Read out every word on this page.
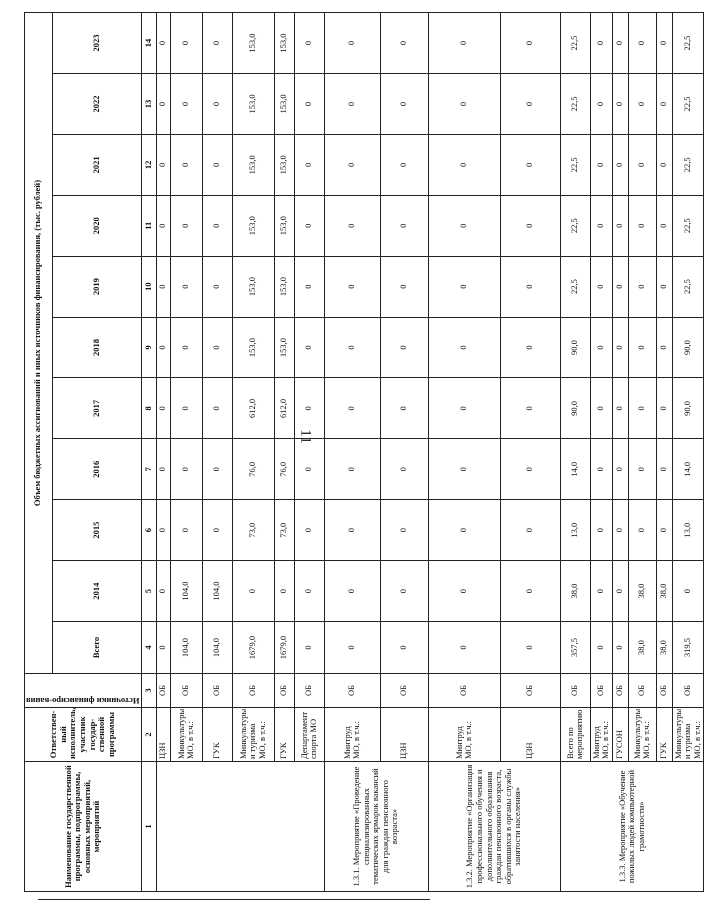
11
Наименование государственной программы, подпрограммы, основных мероприятий, мероприятий	Ответствен-ный исполнитель, участник государ-ственной программы	Источники финансиро-вания	Объем бюджетных ассигнований и иных источников финансирования, (тыс. рублей)										
			Всего	2014	2015	2016	2017	2018	2019	2020	2021	2022	2023
1	2	3	4	5	6	7	8	9	10	11	12	13	14
	ЦЗН	ОБ	0	0	0	0	0	0	0	0	0	0	0
	Минкультуры МО, в т.ч.:	ОБ	104,0	104,0	0	0	0	0	0	0	0	0	0
	ГУК	ОБ	104,0	104,0	0	0	0	0	0	0	0	0	0
	Минкультуры и туризма МО, в т.ч.:	ОБ	1679,0	0	73,0	76,0	612,0	153,0	153,0	153,0	153,0	153,0	153,0
	ГУК	ОБ	1679,0	0	73,0	76,0	612,0	153,0	153,0	153,0	153,0	153,0	153,0
	Департамент спорта МО	ОБ	0	0	0	0	0	0	0	0	0	0	0
1.3.1. Мероприятие «Проведение специализированных тематических ярмарок вакансий для граждан пенсионного возраста»	Минтруд МО, в т.ч.:	ОБ	0	0	0	0	0	0	0	0	0	0	0
	ЦЗН	ОБ	0	0	0	0	0	0	0	0	0	0	0
1.3.2. Мероприятие «Организация профессионального обучения и дополнительного образования граждан пенсионного возраста, обратившихся в органы службы занятости населения»	Минтруд МО, в т.ч.:	ОБ	0	0	0	0	0	0	0	0	0	0	0
	ЦЗН	ОБ	0	0	0	0	0	0	0	0	0	0	0
1.3.3. Мероприятие «Обучение пожилых людей компьютерной грамотности»	Всего по мероприятию	ОБ	357,5	38,0	13,0	14,0	90,0	90,0	22,5	22,5	22,5	22,5	22,5
	Минтруд МО, в т.ч.:	ОБ	0	0	0	0	0	0	0	0	0	0	0
	ГУСОН	ОБ	0	0	0	0	0	0	0	0	0	0	0
	Минкультуры МО, в т.ч.:	ОБ	38,0	38,0	0	0	0	0	0	0	0	0	0
	ГУК	ОБ	38,0	38,0	0	0	0	0	0	0	0	0	0
	Минкультуры и туризма МО, в т.ч.:	ОБ	319,5	0	13,0	14,0	90,0	90,0	22,5	22,5	22,5	22,5	22,5
